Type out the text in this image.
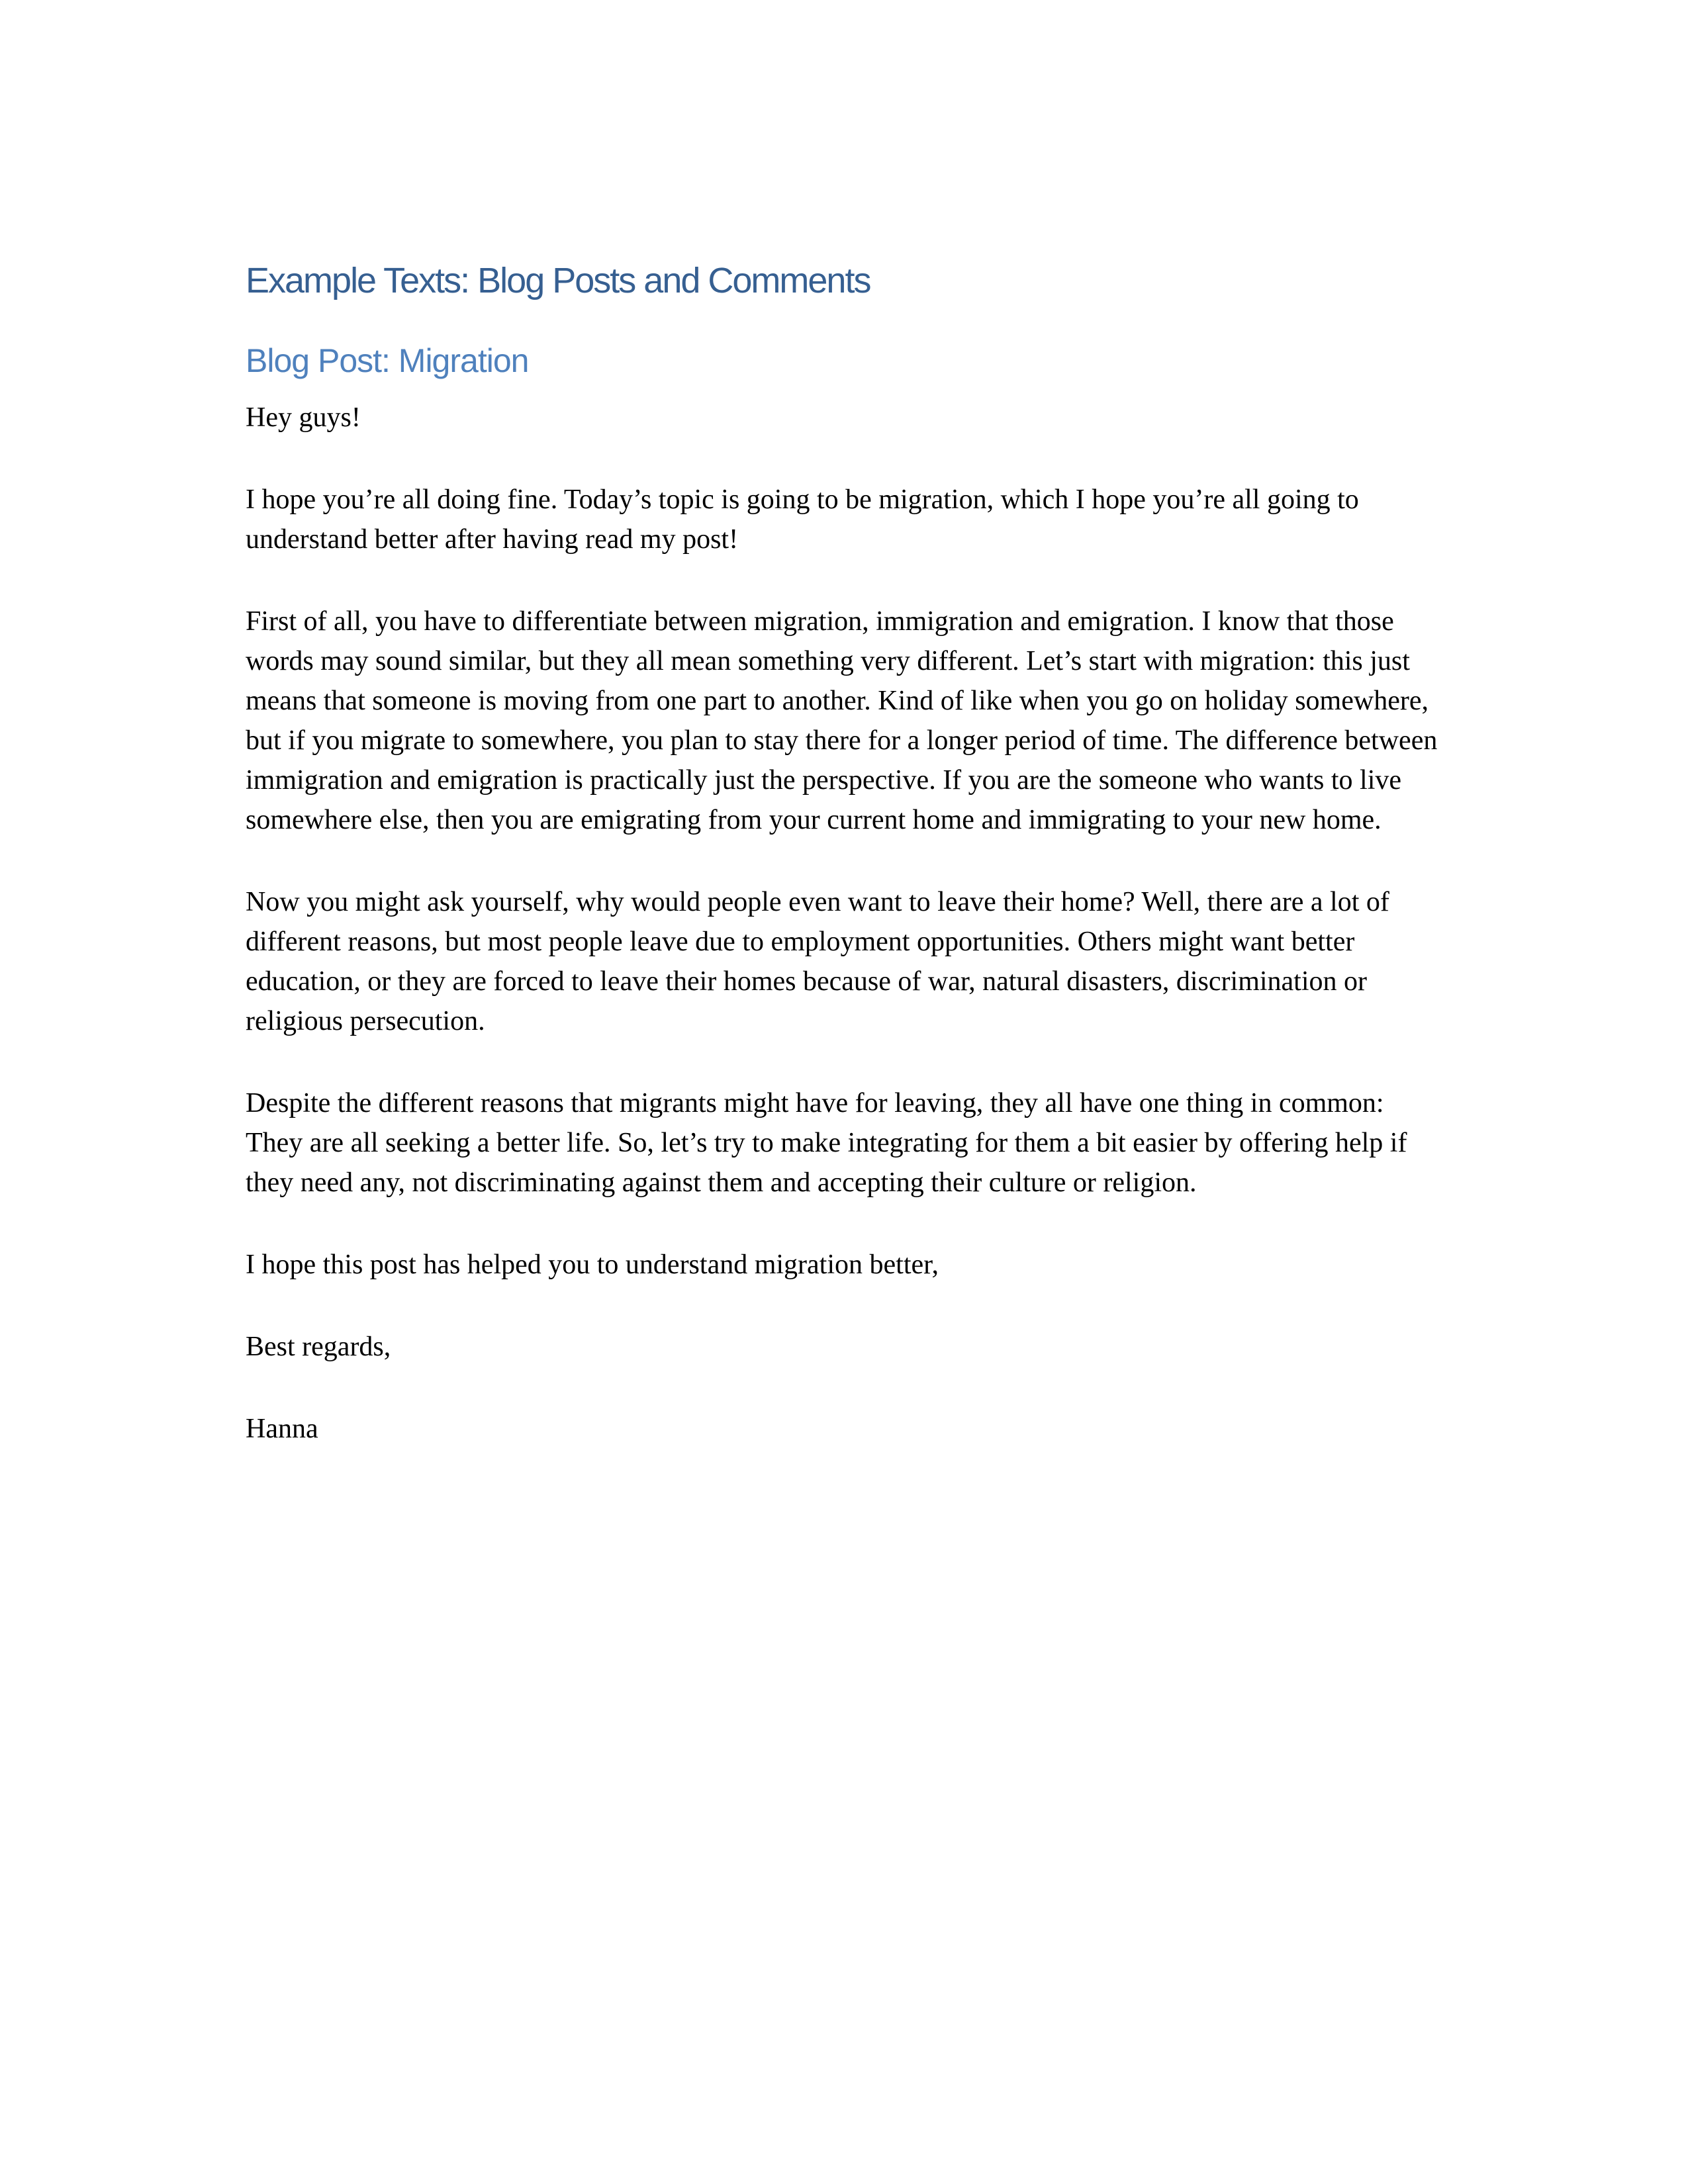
Example Texts: Blog Posts and Comments
Blog Post: Migration

Hey guys!

I hope you’re all doing fine. Today’s topic is going to be migration, which I hope you’re all going to understand better after having read my post!

First of all, you have to differentiate between migration, immigration and emigration. I know that those words may sound similar, but they all mean something very different. Let’s start with migration: this just means that someone is moving from one part to another. Kind of like when you go on holiday somewhere, but if you migrate to somewhere, you plan to stay there for a longer period of time. The difference between immigration and emigration is practically just the perspective. If you are the someone who wants to live somewhere else, then you are emigrating from your current home and immigrating to your new home.

Now you might ask yourself, why would people even want to leave their home? Well, there are a lot of different reasons, but most people leave due to employment opportunities. Others might want better education, or they are forced to leave their homes because of war, natural disasters, discrimination or religious persecution.

Despite the different reasons that migrants might have for leaving, they all have one thing in common: They are all seeking a better life. So, let’s try to make integrating for them a bit easier by offering help if they need any, not discriminating against them and accepting their culture or religion.

I hope this post has helped you to understand migration better,

Best regards,

Hanna
